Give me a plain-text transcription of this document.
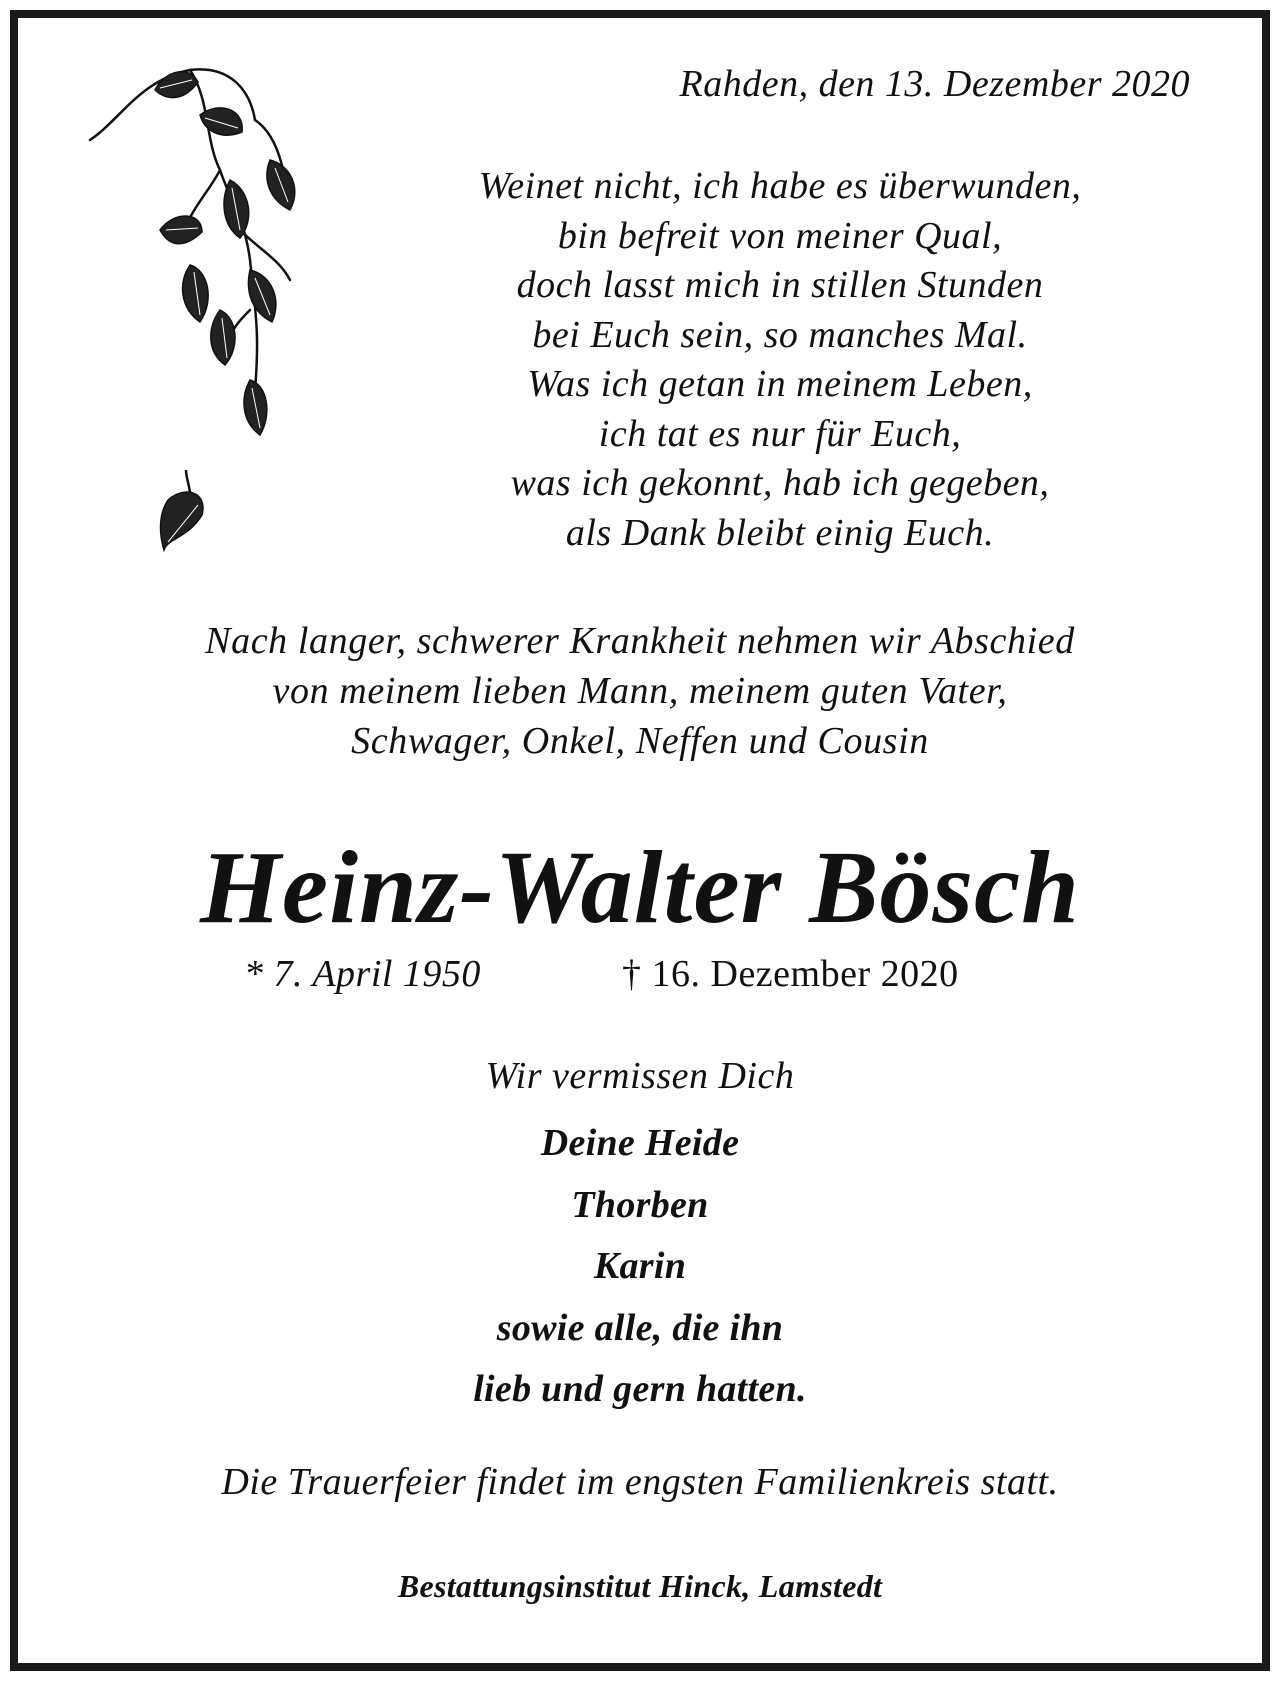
Rahden, den 13. Dezember 2020
Weinet nicht, ich habe es überwunden,
bin befreit von meiner Qual,
doch lasst mich in stillen Stunden
bei Euch sein, so manches Mal.
Was ich getan in meinem Leben,
ich tat es nur für Euch,
was ich gekonnt, hab ich gegeben,
als Dank bleibt einig Euch.
Nach langer, schwerer Krankheit nehmen wir Abschied
von meinem lieben Mann, meinem guten Vater,
Schwager, Onkel, Neffen und Cousin
Heinz-Walter Bösch
* 7. April 1950	† 16. Dezember 2020
Wir vermissen Dich
Deine Heide
Thorben
Karin
sowie alle, die ihn
lieb und gern hatten.
Die Trauerfeier findet im engsten Familienkreis statt.
Bestattungsinstitut Hinck, Lamstedt
